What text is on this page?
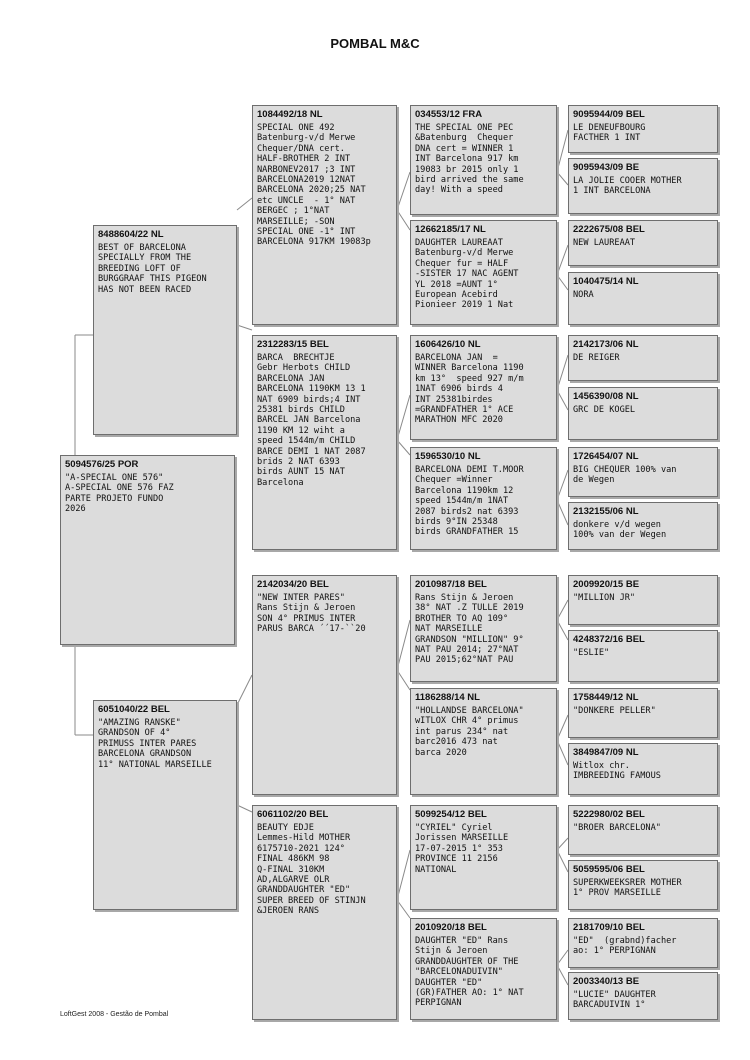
POMBAL M&C
5094576/25 POR
"A-SPECIAL ONE 576"
A-SPECIAL ONE 576 FAZ
PARTE PROJETO FUNDO
2026
8488604/22 NL
BEST OF BARCELONA
SPECIALLY FROM THE
BREEDING LOFT OF
BURGGRAAF THIS PIGEON
HAS NOT BEEN RACED
6051040/22 BEL
"AMAZING RANSKE"
GRANDSON OF 4°
PRIMUSS INTER PARES
BARCELONA GRANDSON
11° NATIONAL MARSEILLE
1084492/18 NL
SPECIAL ONE 492
Batenburg-v/d Merwe
Chequer/DNA cert.
HALF-BROTHER 2 INT
NARBONEV2017 ;3 INT
BARCELONA2019 12NAT
BARCELONA 2020;25 NAT
etc UNCLE  - 1° NAT
BERGEC ; 1°NAT
MARSEILLE; -SON
SPECIAL ONE -1° INT
BARCELONA 917KM 19083p
2312283/15 BEL
BARCA  BRECHTJE
Gebr Herbots CHILD
BARCELONA JAN
BARCELONA 1190KM 13 1
NAT 6909 birds;4 INT
25381 birds CHILD
BARCEL JAN Barcelona
1190 KM 12 wiht a
speed 1544m/m CHILD
BARCE DEMI 1 NAT 2087
brids 2 NAT 6393
birds AUNT 15 NAT
Barcelona
2142034/20 BEL
"NEW INTER PARES"
Rans Stijn & Jeroen
SON 4° PRIMUS INTER
PARUS BARCA ´´17-``20
6061102/20 BEL
BEAUTY EDJE
Lemmes-Hild MOTHER
6175710-2021 124°
FINAL 486KM 98
Q-FINAL 310KM
AD,ALGARVE OLR
GRANDDAUGHTER "ED"
SUPER BREED OF STINJN
&JEROEN RANS
034553/12 FRA
THE SPECIAL ONE PEC
&Batenburg  Chequer
DNA cert = WINNER 1
INT Barcelona 917 km
19083 br 2015 only 1
bird arrived the same
day! With a speed
12662185/17 NL
DAUGHTER LAUREAAT
Batenburg-v/d Merwe
Chequer fur = HALF
-SISTER 17 NAC AGENT
YL 2018 =AUNT 1°
European Acebird
Pionieer 2019 1 Nat
1606426/10 NL
BARCELONA JAN  =
WINNER Barcelona 1190
km 13°  speed 927 m/m
1NAT 6906 birds 4
INT 25381birdes
=GRANDFATHER 1° ACE
MARATHON MFC 2020
1596530/10 NL
BARCELONA DEMI T.MOOR
Chequer =Winner
Barcelona 1190km 12
speed 1544m/m 1NAT
2087 birds2 nat 6393
birds 9°IN 25348
birds GRANDFATHER 15
2010987/18 BEL
Rans Stijn & Jeroen
38° NAT .Z TULLE 2019
BROTHER TO AQ 109°
NAT MARSEILLE
GRANDSON "MILLION" 9°
NAT PAU 2014; 27°NAT
PAU 2015;62°NAT PAU
1186288/14 NL
"HOLLANDSE BARCELONA"
wITLOX CHR 4° primus
int parus 234° nat
barc2016 473 nat
barca 2020
5099254/12 BEL
"CYRIEL" Cyriel
Jorissen MARSEILLE
17-07-2015 1° 353
PROVINCE 11 2156
NATIONAL
2010920/18 BEL
DAUGHTER "ED" Rans
Stijn & Jeroen
GRANDDAUGHTER OF THE
"BARCELONADUIVIN"
DAUGHTER "ED"
(GR)FATHER AO: 1° NAT
PERPIGNAN
9095944/09 BEL
LE DENEUFBOURG
FACTHER 1 INT
9095943/09 BE
LA JOLIE COOER MOTHER
1 INT BARCELONA
2222675/08 BEL
NEW LAUREAAT
1040475/14 NL
NORA
2142173/06 NL
DE REIGER
1456390/08 NL
GRC DE KOGEL
1726454/07 NL
BIG CHEQUER 100% van
de Wegen
2132155/06 NL
donkere v/d wegen
100% van der Wegen
2009920/15 BE
"MILLION JR"
4248372/16 BEL
"ESLIE"
1758449/12 NL
"DONKERE PELLER"
3849847/09 NL
Witlox chr.
IMBREEDING FAMOUS
5222980/02 BEL
"BROER BARCELONA"
5059595/06 BEL
SUPERKWEEKSRER MOTHER
1° PROV MARSEILLE
2181709/10 BEL
"ED"  (grabnd)facher
ao: 1° PERPIGNAN
2003340/13 BE
"LUCIE" DAUGHTER
BARCADUIVIN 1°
LoftGest 2008 - Gestão de Pombal
